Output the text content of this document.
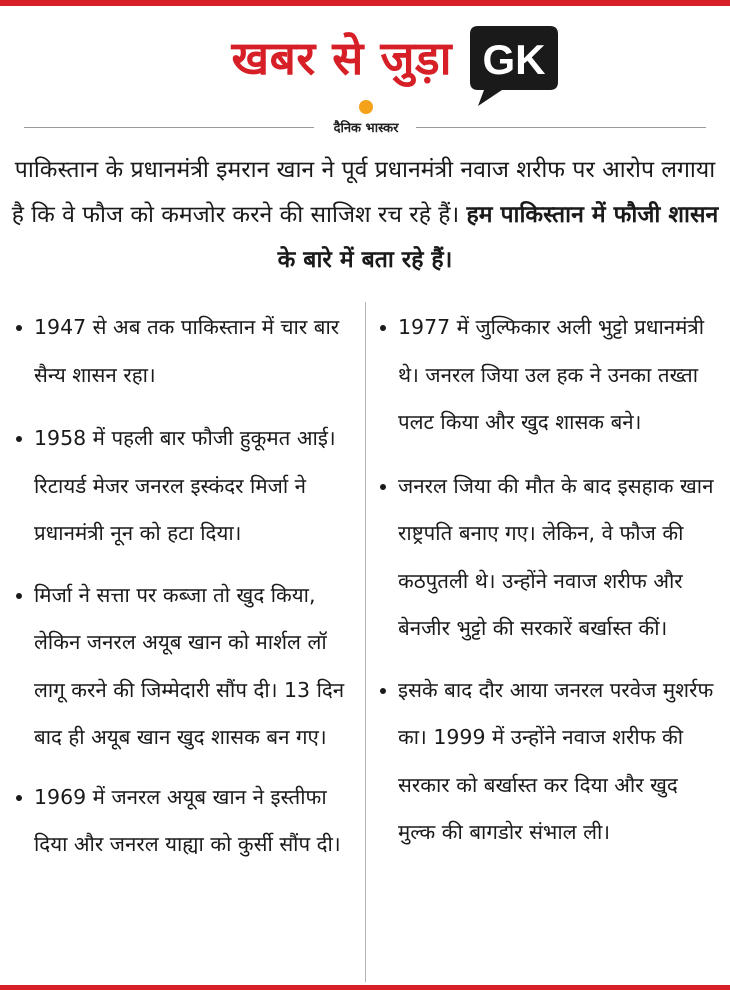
खबर से जुड़ा GK
दैनिक भास्कर

पाकिस्तान के प्रधानमंत्री इमरान खान ने पूर्व प्रधानमंत्री नवाज शरीफ पर आरोप लगाया है कि वे फौज को कमजोर करने की साजिश रच रहे हैं। हम पाकिस्तान में फौजी शासन के बारे में बता रहे हैं।

1947 से अब तक पाकिस्तान में चार बार सैन्य शासन रहा।
1958 में पहली बार फौजी हुकूमत आई। रिटायर्ड मेजर जनरल इस्कंदर मिर्जा ने प्रधानमंत्री नून को हटा दिया।
मिर्जा ने सत्ता पर कब्जा तो खुद किया, लेकिन जनरल अयूब खान को मार्शल लॉ लागू करने की जिम्मेदारी सौंप दी। 13 दिन बाद ही अयूब खान खुद शासक बन गए।
1969 में जनरल अयूब खान ने इस्तीफा दिया और जनरल याह्या को कुर्सी सौंप दी।
1977 में जुल्फिकार अली भुट्टो प्रधानमंत्री थे। जनरल जिया उल हक ने उनका तख्ता पलट किया और खुद शासक बने।
जनरल जिया की मौत के बाद इसहाक खान राष्ट्रपति बनाए गए। लेकिन, वे फौज की कठपुतली थे। उन्होंने नवाज शरीफ और बेनजीर भुट्टो की सरकारें बर्खास्त कीं।
इसके बाद दौर आया जनरल परवेज मुशर्रफ का। 1999 में उन्होंने नवाज शरीफ की सरकार को बर्खास्त कर दिया और खुद मुल्क की बागडोर संभाल ली।
